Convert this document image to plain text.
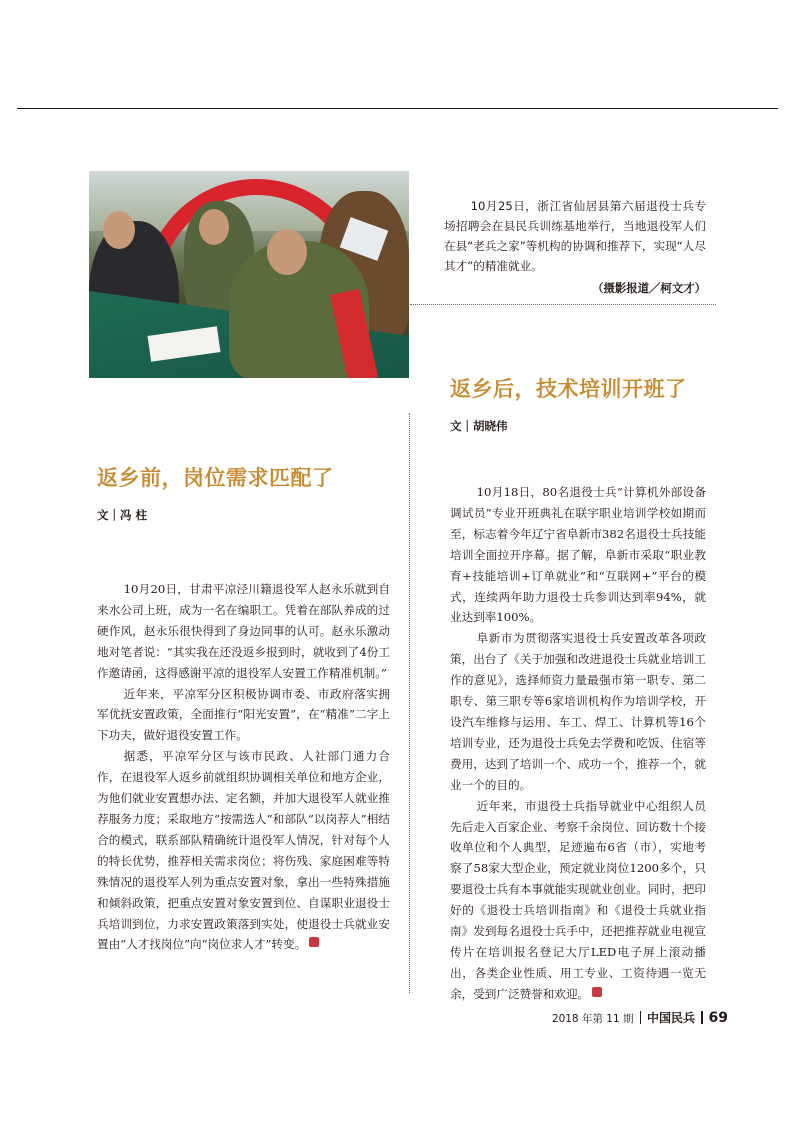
10月25日，浙江省仙居县第六届退役士兵专场招聘会在县民兵训练基地举行，当地退役军人们在县“老兵之家”等机构的协调和推荐下，实现“人尽其才”的精准就业。

（摄影报道／柯文才）

返乡后，技术培训开班了
文｜胡晓伟
返乡前，岗位需求匹配了
文｜冯 柱

10月20日，甘肃平凉泾川籍退役军人赵永乐就到自来水公司上班，成为一名在编职工。凭着在部队养成的过硬作风，赵永乐很快得到了身边同事的认可。赵永乐激动地对笔者说：“其实我在还没返乡报到时，就收到了4份工作邀请函，这得感谢平凉的退役军人安置工作精准机制。”

近年来，平凉军分区积极协调市委、市政府落实拥军优抚安置政策，全面推行“阳光安置”，在“精准”二字上下功夫，做好退役安置工作。

据悉，平凉军分区与该市民政、人社部门通力合作，在退役军人返乡前就组织协调相关单位和地方企业，为他们就业安置想办法、定名额，并加大退役军人就业推荐服务力度；采取地方“按需选人”和部队“以岗荐人”相结合的模式，联系部队精确统计退役军人情况，针对每个人的特长优势，推荐相关需求岗位；将伤残、家庭困难等特殊情况的退役军人列为重点安置对象，拿出一些特殊措施和倾斜政策，把重点安置对象安置到位、自谋职业退役士兵培训到位，力求安置政策落到实处，使退役士兵就业安置由“人才找岗位”向“岗位求人才”转变。

10月18日，80名退役士兵“计算机外部设备调试员”专业开班典礼在联宇职业培训学校如期而至，标志着今年辽宁省阜新市382名退役士兵技能培训全面拉开序幕。据了解，阜新市采取“职业教育+技能培训+订单就业”和“互联网+”平台的模式，连续两年助力退役士兵参训达到率94%，就业达到率100%。

阜新市为贯彻落实退役士兵安置改革各项政策，出台了《关于加强和改进退役士兵就业培训工作的意见》，选择师资力量最强市第一职专、第二职专、第三职专等6家培训机构作为培训学校，开设汽车维修与运用、车工、焊工、计算机等16个培训专业，还为退役士兵免去学费和吃饭、住宿等费用，达到了培训一个、成功一个，推荐一个，就业一个的目的。

近年来，市退役士兵指导就业中心组织人员先后走入百家企业、考察千余岗位、回访数十个接收单位和个人典型，足迹遍布6省（市），实地考察了58家大型企业，预定就业岗位1200多个，只要退役士兵有本事就能实现就业创业。同时，把印好的《退役士兵培训指南》和《退役士兵就业指南》发到每名退役士兵手中，还把推荐就业电视宣传片在培训报名登记大厅LED电子屏上滚动播出，各类企业性质、用工专业、工资待遇一览无余，受到广泛赞誉和欢迎。

2018 年第 11 期 中国民兵 69
